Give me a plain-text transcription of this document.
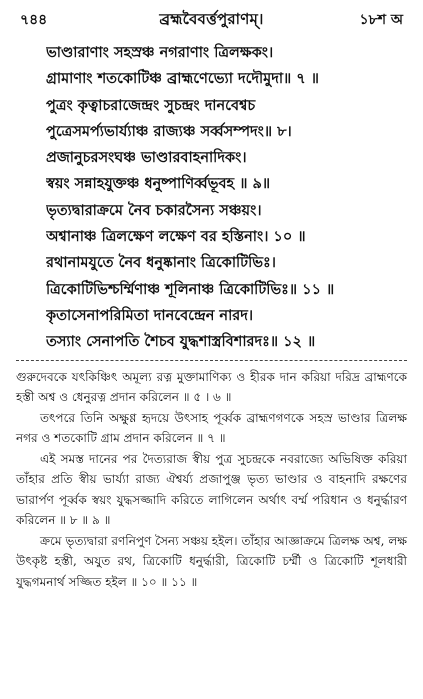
৭৪৪	ব্রহ্মবৈবর্ত্তপুরাণম্।	১৮শ অ
ভাণ্ডারাণাং সহস্রঞ্চ নগরাণাং ত্রিলক্ষকং।
গ্রামাণাং শতকোটিঞ্চ ব্রাহ্মণেভ্যো দদৌমুদা॥ ৭ ॥
পুত্রং কৃত্বাচরাজেন্দ্রং সুচন্দ্রং দানবেশ্বচ
পুত্রেসমর্প্যভার্য্যাঞ্চ রাজ্যঞ্চ সর্ব্বসম্পদং॥ ৮।
প্রজানুচরসংঘঞ্চ ভাণ্ডারবাহনাদিকং।
স্বয়ং সন্নাহযুক্তঞ্চ ধনুষ্পাণির্ব্বভূবহ ॥ ৯॥
ভৃত্যদ্বারাক্রমে নৈব চকারসৈন্য সঞ্চয়ং।
অশ্বানাঞ্চ ত্রিলক্ষেণ লক্ষেণ বর হস্তিনাং। ১০ ॥
রথানামযুতে নৈব ধনুষ্কানাং ত্রিকোটিভিঃ।
ত্রিকোটিভিশ্চর্ম্মিণাঞ্চ শূলিনাঞ্চ ত্রিকোটিভিঃ॥ ১১ ॥
কৃতাসেনাপরিমিতা দানবেন্দ্রেন নারদ।
তস্যাং সেনাপতি শৈচব যুদ্ধশাস্ত্রবিশারদঃ॥ ১২ ॥

গুরুদেবকে যৎকিঞ্চিৎ অমূল্য রত্ন মুক্তামাণিক্য ও হীরক দান করিয়া দরিদ্র ব্রাহ্মণকে হস্তী অশ্ব ও ধেনুরত্ন প্রদান করিলেন ॥ ৫ । ৬ ॥

তৎপরে তিনি অক্ষুণ্ণ হৃদয়ে উৎসাহ পূর্ব্বক ব্রাহ্মণগণকে সহস্র ভাণ্ডার ত্রিলক্ষ নগর ও শতকোটি গ্রাম প্রদান করিলেন ॥ ৭ ॥

এই সমস্ত দানের পর দৈত্যরাজ স্বীয় পুত্র সুচন্দ্রকে নবরাজ্যে অভিষিক্ত করিয়া তাঁহার প্রতি স্বীয় ভার্য্যা রাজ্য ঐশ্বর্য্য প্রজাপুঞ্জ ভৃত্য ভাণ্ডার ও বাহনাদি রক্ষণের ভারার্পণ পূর্ব্বক স্বয়ং যুদ্ধসজ্জাদি করিতে লাগিলেন অর্থাৎ বর্ম্ম পরিধান ও ধনুর্দ্ধারণ করিলেন ॥ ৮ ॥ ৯ ॥

ক্রমে ভৃত্যদ্বারা রণনিপুণ সৈন্য সঞ্চয় হইল। তাঁহার আজ্ঞাক্রমে ত্রিলক্ষ অশ্ব, লক্ষ উৎকৃষ্ট হস্তী, অযুত রথ, ত্রিকোটি ধনুর্দ্ধারী, ত্রিকোটি চর্ম্মী ও ত্রিকোটি শূলধারী যুদ্ধগমনার্থ সজ্জিত হইল ॥ ১০ ॥ ১১ ॥
